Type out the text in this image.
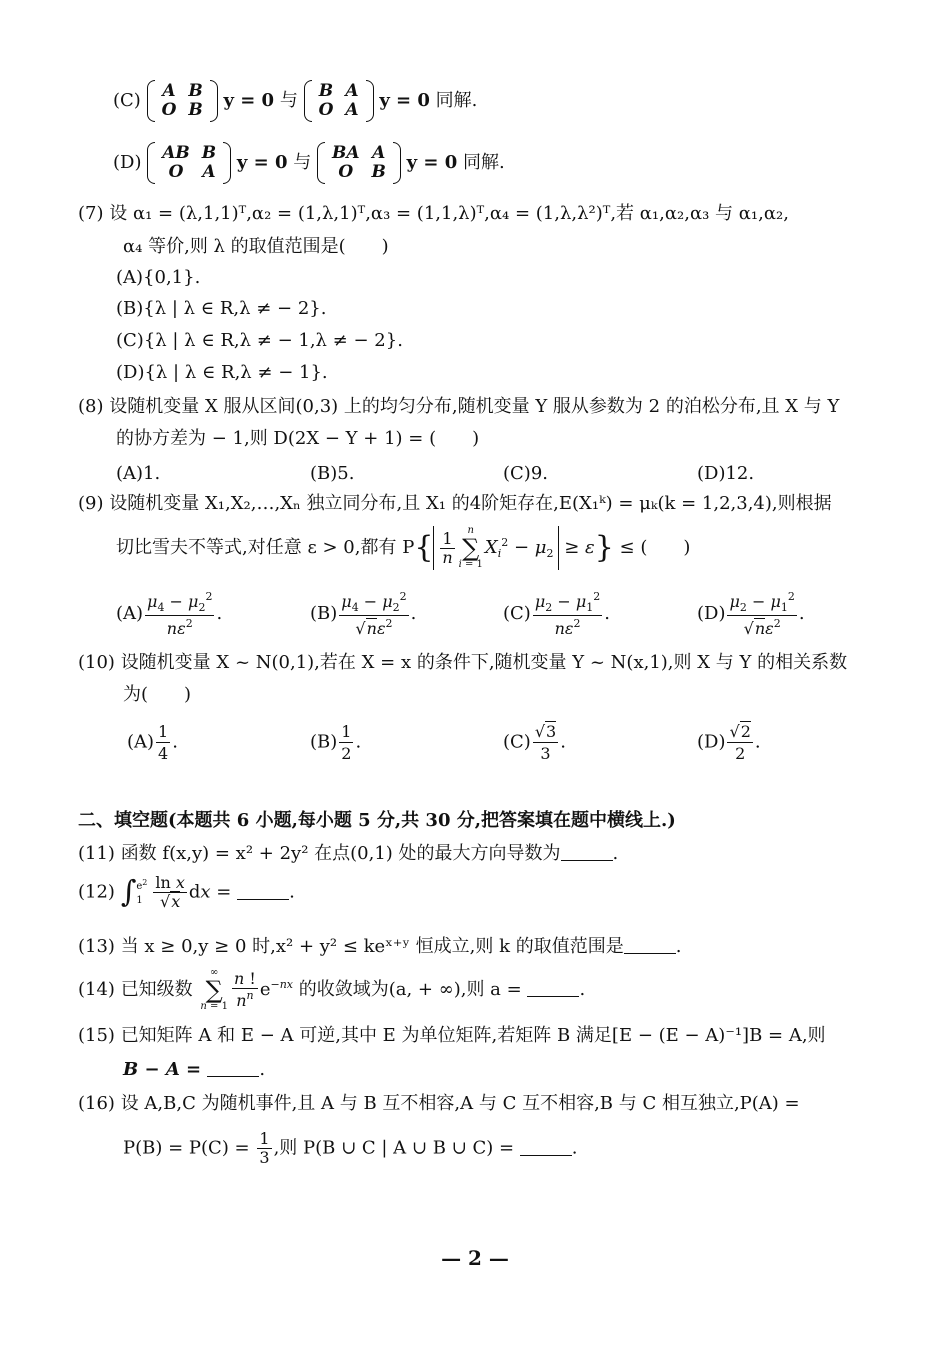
(C) A	B
O	B y = 0 与 B	A
O	A y = 0 同解.
(D) AB	B
O	A y = 0 与 BA	A
O	B y = 0 同解.
(7) 设 α₁ = (λ,1,1)ᵀ,α₂ = (1,λ,1)ᵀ,α₃ = (1,1,λ)ᵀ,α₄ = (1,λ,λ²)ᵀ,若 α₁,α₂,α₃ 与 α₁,α₂,
α₄ 等价,则 λ 的取值范围是(　　)
(A){0,1}.
(B){λ | λ ∈ R,λ ≠ − 2}.
(C){λ | λ ∈ R,λ ≠ − 1,λ ≠ − 2}.
(D){λ | λ ∈ R,λ ≠ − 1}.
(8) 设随机变量 X 服从区间(0,3) 上的均匀分布,随机变量 Y 服从参数为 2 的泊松分布,且 X 与 Y
的协方差为 − 1,则 D(2X − Y + 1) = (　　)
(A)1.	(B)5.	(C)9.	(D)12.
(9) 设随机变量 X₁,X₂,…,Xₙ 独立同分布,且 X₁ 的4阶矩存在,E(X₁ᵏ) = μₖ(k = 1,2,3,4),则根据
切比雪夫不等式,对任意 ε > 0,都有 $P\{ \frac{1}{n}$	n
∑
i = 1
$X_i^2 - \mu_2 \ge \varepsilon$} ≤ (　　)
$(A) \frac{\mu_4 - \mu_2^2}{n\varepsilon^2}$ .	$(B) \frac{\mu_4 - \mu_2^2}{√n\varepsilon^2}$ .	$(C) \frac{\mu_2 - \mu_1^2}{n\varepsilon^2}$ .	$(D) \frac{\mu_2 - \mu_1^2}{√n\varepsilon^2}$ .
(10) 设随机变量 X ~ N(0,1),若在 X = x 的条件下,随机变量 Y ~ N(x,1),则 X 与 Y 的相关系数
为(　　)
$(A) \frac{1}{4}$ .	$(B) \frac{1}{2}$ .	$(C) \frac{√3}{3}$ .	$(D) \frac{√2}{2}$ .
二、填空题(本题共 6 小题,每小题 5 分,共 30 分,把答案填在题中横线上.)
(11) 函数 f(x,y) = x² + 2y² 在点(0,1) 处的最大方向导数为	.
(12) ∫ $e^2$
$1 \frac{\text{ln x}}{√x}$ dx =	.
(13) 当 x ≥ 0,y ≥ 0 时,x² + y² ≤ keˣ⁺ʸ 恒成立,则 k 的取值范围是	.
(14) 已知级数
∞
∑
$n = 1 \frac{n !}{n^n} e^{-nx}$ 的收敛域为(a, + ∞),则 a =	.
(15) 已知矩阵 A 和 E − A 可逆,其中 E 为单位矩阵,若矩阵 B 满足[E − (E − A)⁻¹]B = A,则
B − A =	.
(16) 设 A,B,C 为随机事件,且 A 与 B 互不相容,A 与 C 互不相容,B 与 C 相互独立,P(A) =
$P(B) = P(C) = \frac{1}{3}$ ,则 P(B ∪ C | A ∪ B ∪ C) =	.
— 2 —
